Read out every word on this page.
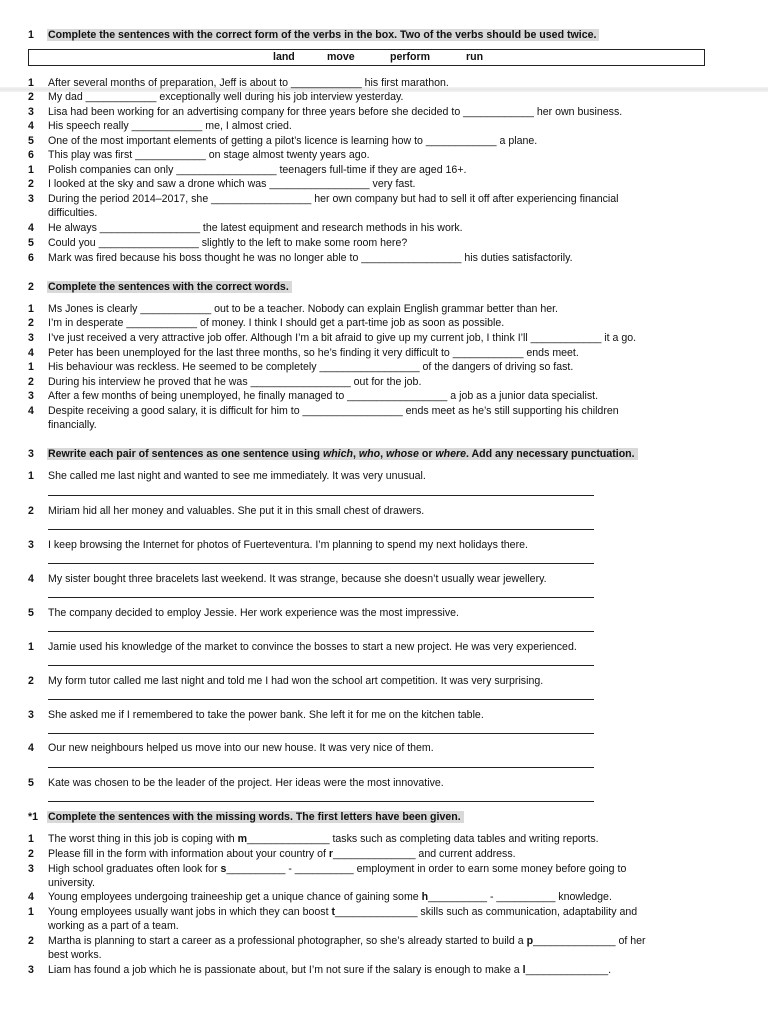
1 Complete the sentences with the correct form of the verbs in the box. Two of the verbs should be used twice.
land	move	perform	run
1 After several months of preparation, Jeff is about to ____________ his first marathon.
2 My dad ____________ exceptionally well during his job interview yesterday.
3 Lisa had been working for an advertising company for three years before she decided to ____________ her own business.
4 His speech really ____________ me, I almost cried.
5 One of the most important elements of getting a pilot’s licence is learning how to ____________ a plane.
6 This play was first ____________ on stage almost twenty years ago.
1 Polish companies can only _________________ teenagers full-time if they are aged 16+.
2 I looked at the sky and saw a drone which was _________________ very fast.
3 During the period 2014–2017, she _________________ her own company but had to sell it off after experiencing financial
difficulties.
4 He always _________________ the latest equipment and research methods in his work.
5 Could you _________________ slightly to the left to make some room here?
6 Mark was fired because his boss thought he was no longer able to _________________ his duties satisfactorily.
2 Complete the sentences with the correct words.
1 Ms Jones is clearly ____________ out to be a teacher. Nobody can explain English grammar better than her.
2 I’m in desperate ____________ of money. I think I should get a part-time job as soon as possible.
3 I’ve just received a very attractive job offer. Although I’m a bit afraid to give up my current job, I think I’ll ____________ it a go.
4 Peter has been unemployed for the last three months, so he’s finding it very difficult to ____________ ends meet.
1 His behaviour was reckless. He seemed to be completely _________________ of the dangers of driving so fast.
2 During his interview he proved that he was _________________ out for the job.
3 After a few months of being unemployed, he finally managed to _________________ a job as a junior data specialist.
4 Despite receiving a good salary, it is difficult for him to _________________ ends meet as he’s still supporting his children
financially.
3 Rewrite each pair of sentences as one sentence using which, who, whose or where. Add any necessary punctuation.
1 She called me last night and wanted to see me immediately. It was very unusual.
2 Miriam hid all her money and valuables. She put it in this small chest of drawers.
3 I keep browsing the Internet for photos of Fuerteventura. I’m planning to spend my next holidays there.
4 My sister bought three bracelets last weekend. It was strange, because she doesn’t usually wear jewellery.
5 The company decided to employ Jessie. Her work experience was the most impressive.
1 Jamie used his knowledge of the market to convince the bosses to start a new project. He was very experienced.
2 My form tutor called me last night and told me I had won the school art competition. It was very surprising.
3 She asked me if I remembered to take the power bank. She left it for me on the kitchen table.
4 Our new neighbours helped us move into our new house. It was very nice of them.
5 Kate was chosen to be the leader of the project. Her ideas were the most innovative.
*1 Complete the sentences with the missing words. The first letters have been given.
1 The worst thing in this job is coping with m______________ tasks such as completing data tables and writing reports.
2 Please fill in the form with information about your country of r______________ and current address.
3 High school graduates often look for s__________ - __________ employment in order to earn some money before going to
university.
4 Young employees undergoing traineeship get a unique chance of gaining some h__________ - __________ knowledge.
1 Young employees usually want jobs in which they can boost t______________ skills such as communication, adaptability and
working as a part of a team.
2 Martha is planning to start a career as a professional photographer, so she’s already started to build a p______________ of her
best works.
3 Liam has found a job which he is passionate about, but I’m not sure if the salary is enough to make a l______________.
